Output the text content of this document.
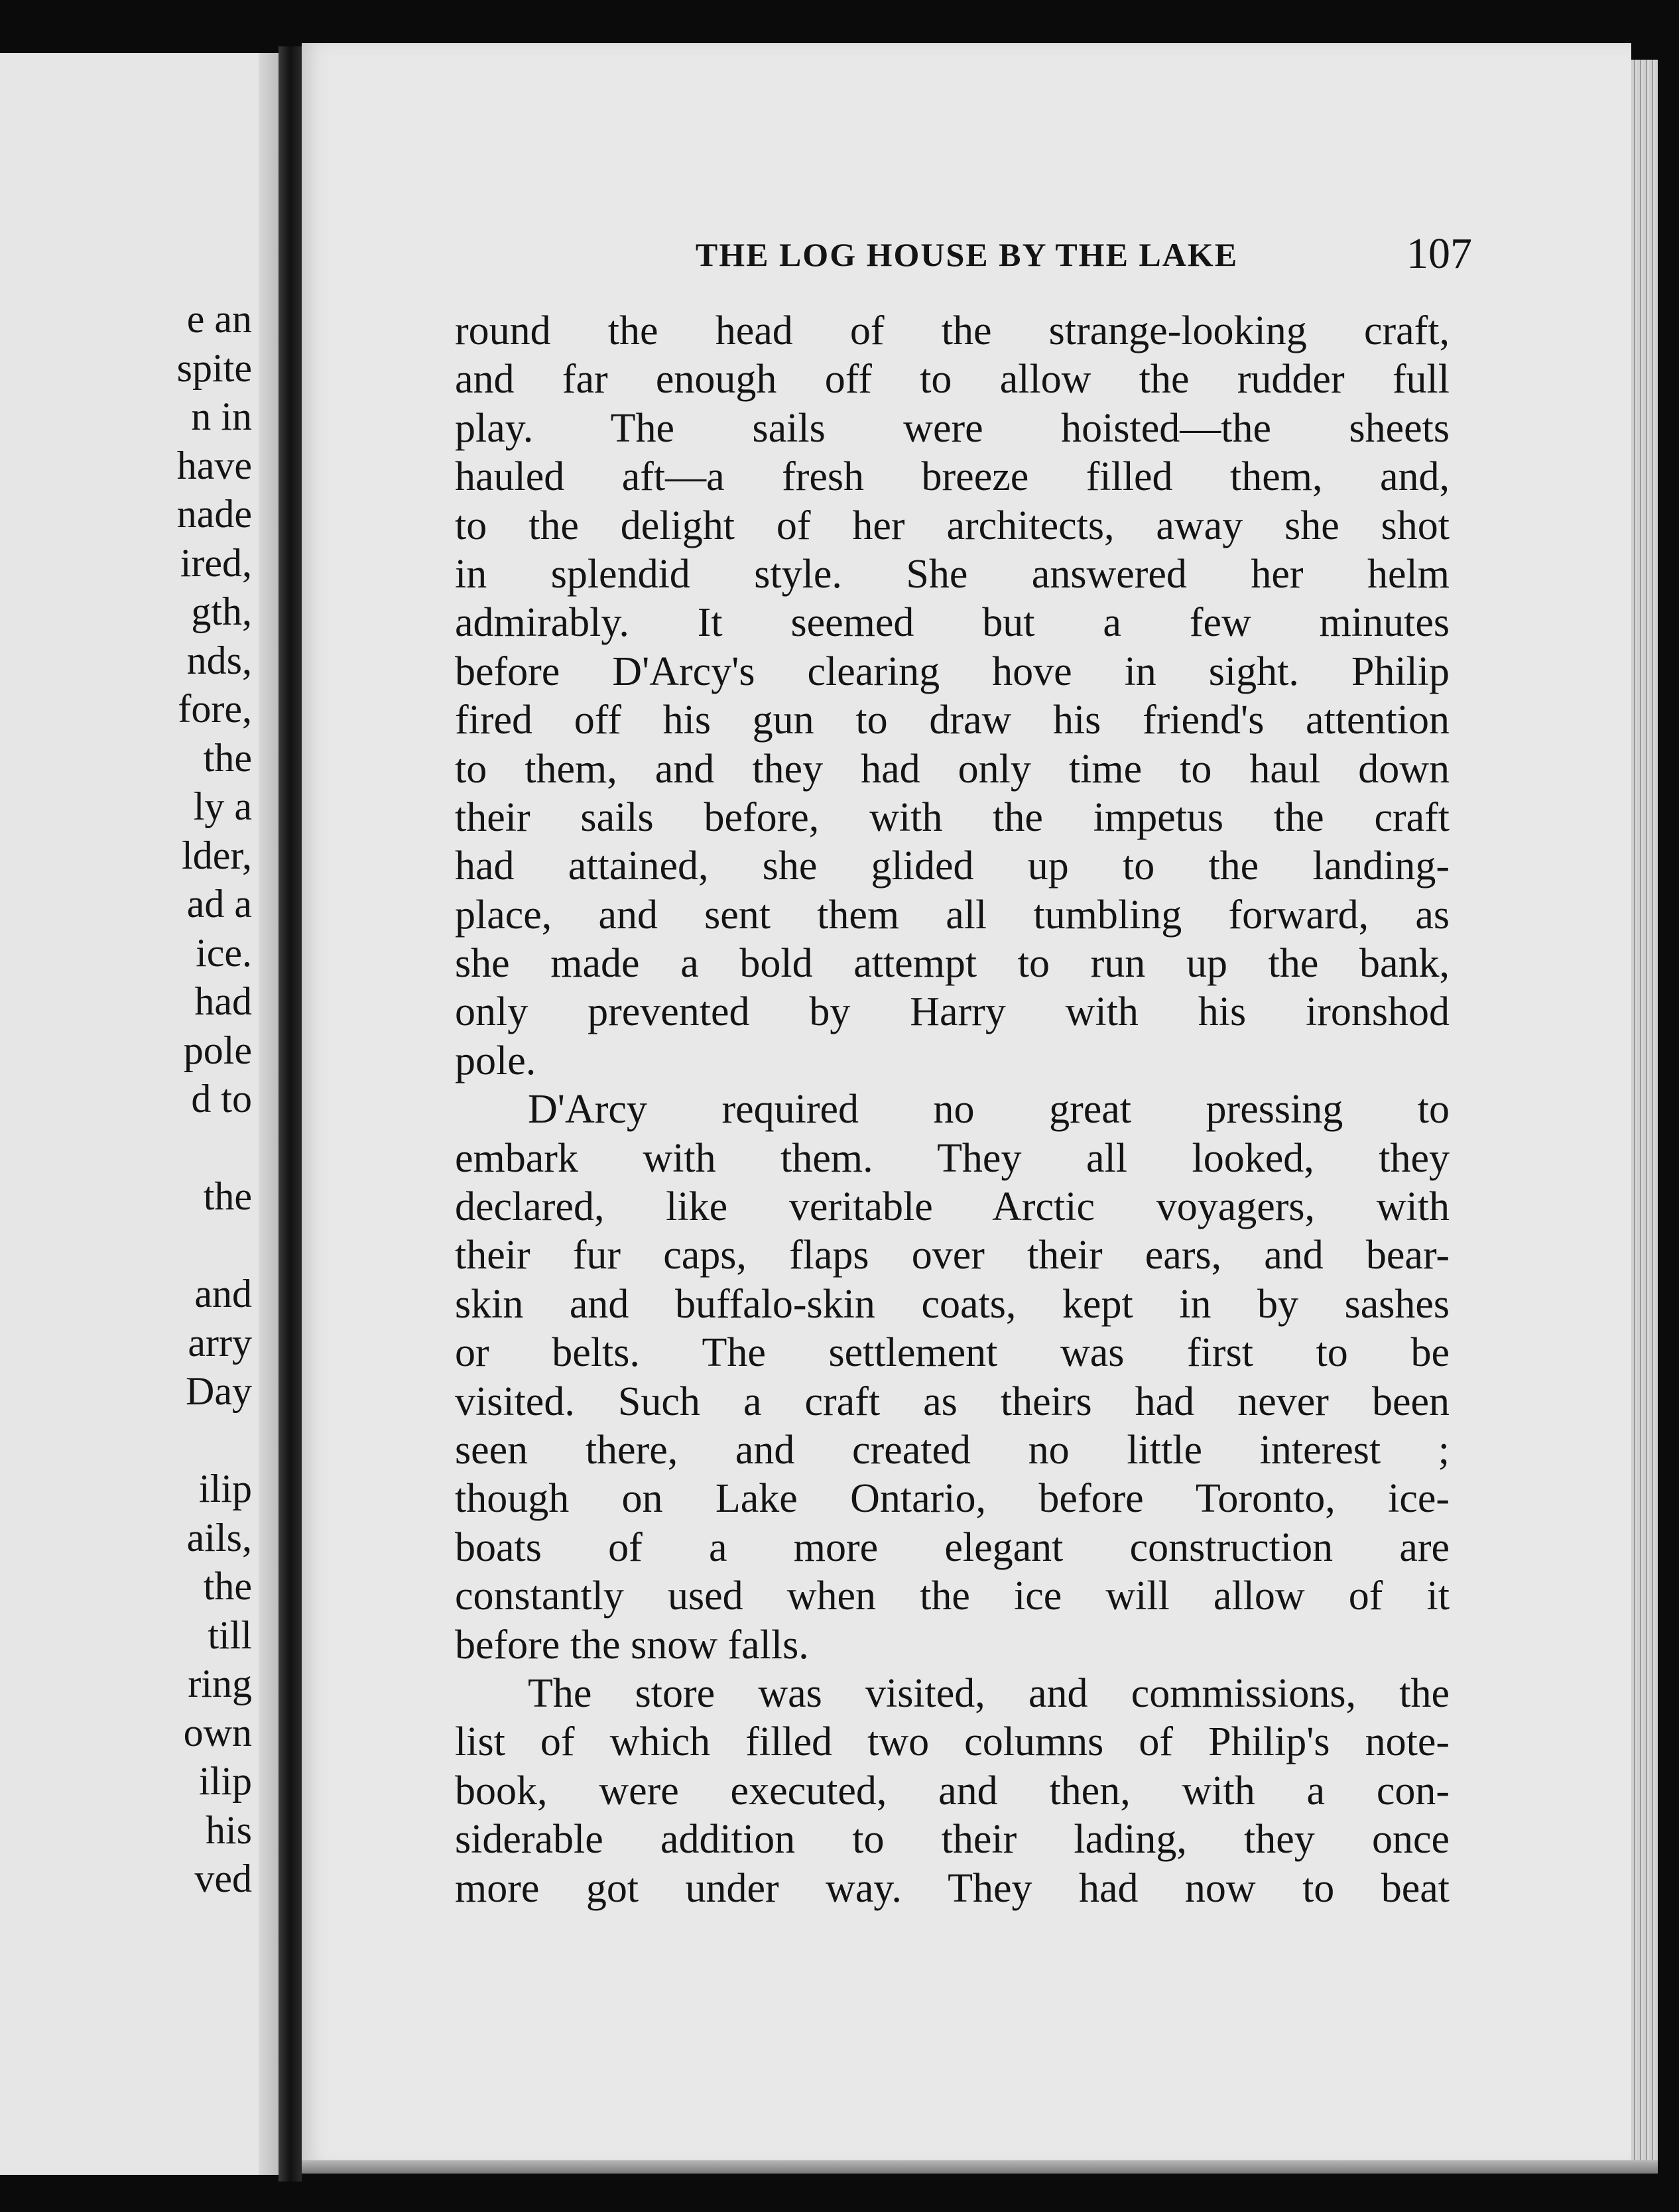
e an
spite
n in
have
nade
ired,
gth,
nds,
fore,
the
ly a
lder,
ad a
ice.
had
pole
d to
the
and
arry
Day
ilip
ails,
the
till
ring
own
ilip
his
ved
THE LOG HOUSE BY THE LAKE	107
round the head of the strange-looking craft,
and far enough off to allow the rudder full
play. The sails were hoisted—the sheets
hauled aft—a fresh breeze filled them, and,
to the delight of her architects, away she shot
in splendid style. She answered her helm
admirably. It seemed but a few minutes
before D'Arcy's clearing hove in sight. Philip
fired off his gun to draw his friend's attention
to them, and they had only time to haul down
their sails before, with the impetus the craft
had attained, she glided up to the landing-
place, and sent them all tumbling forward, as
she made a bold attempt to run up the bank,
only prevented by Harry with his ironshod
pole.
D'Arcy required no great pressing to
embark with them. They all looked, they
declared, like veritable Arctic voyagers, with
their fur caps, flaps over their ears, and bear-
skin and buffalo-skin coats, kept in by sashes
or belts. The settlement was first to be
visited. Such a craft as theirs had never been
seen there, and created no little interest ;
though on Lake Ontario, before Toronto, ice-
boats of a more elegant construction are
constantly used when the ice will allow of it
before the snow falls.
The store was visited, and commissions, the
list of which filled two columns of Philip's note-
book, were executed, and then, with a con-
siderable addition to their lading, they once
more got under way. They had now to beat
